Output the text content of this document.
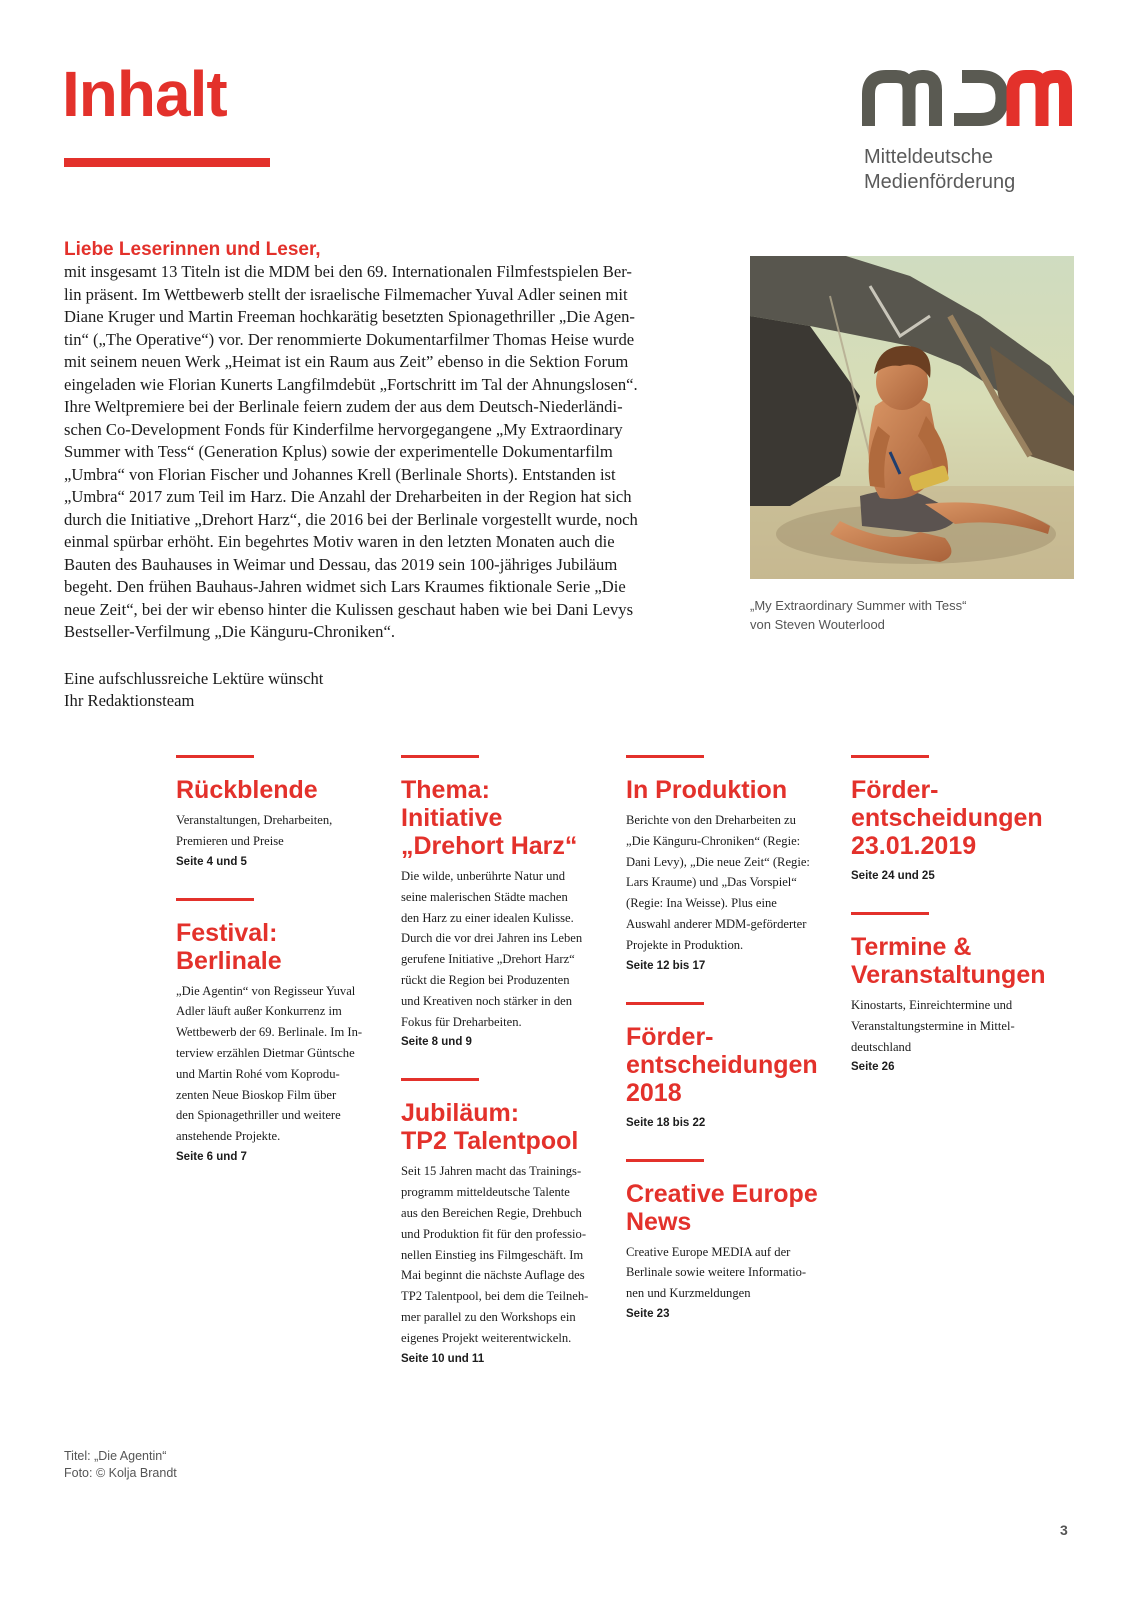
Inhalt
Mitteldeutsche
Medienförderung
Liebe Leserinnen und Leser,
mit insgesamt 13 Titeln ist die MDM bei den 69. Internationalen Filmfestspielen Ber-
lin präsent. Im Wettbewerb stellt der israelische Filmemacher Yuval Adler seinen mit
Diane Kruger und Martin Freeman hochkarätig besetzten Spionagethriller „Die Agen-
tin“ („The Operative“) vor. Der renommierte Dokumentarfilmer Thomas Heise wurde
mit seinem neuen Werk „Heimat ist ein Raum aus Zeit” ebenso in die Sektion Forum
eingeladen wie Florian Kunerts Langfilmdebüt „Fortschritt im Tal der Ahnungslosen“.
Ihre Weltpremiere bei der Berlinale feiern zudem der aus dem Deutsch-Niederländi-
schen Co-Development Fonds für Kinderfilme hervorgegangene „My Extraordinary
Summer with Tess“ (Generation Kplus) sowie der experimentelle Dokumentarfilm
„Umbra“ von Florian Fischer und Johannes Krell (Berlinale Shorts). Entstanden ist
„Umbra“ 2017 zum Teil im Harz. Die Anzahl der Dreharbeiten in der Region hat sich
durch die Initiative „Drehort Harz“, die 2016 bei der Berlinale vorgestellt wurde, noch
einmal spürbar erhöht. Ein begehrtes Motiv waren in den letzten Monaten auch die
Bauten des Bauhauses in Weimar und Dessau, das 2019 sein 100-jähriges Jubiläum
begeht. Den frühen Bauhaus-Jahren widmet sich Lars Kraumes fiktionale Serie „Die
neue Zeit“, bei der wir ebenso hinter die Kulissen geschaut haben wie bei Dani Levys
Bestseller-Verfilmung „Die Känguru-Chroniken“.
Eine aufschlussreiche Lektüre wünscht
Ihr Redaktionsteam
„My Extraordinary Summer with Tess“
von Steven Wouterlood
Rückblende
Veranstaltungen, Dreharbeiten,
Premieren und Preise
Seite 4 und 5
Festival:
Berlinale
„Die Agentin“ von Regisseur Yuval
Adler läuft außer Konkurrenz im
Wettbewerb der 69. Berlinale. Im In-
terview erzählen Dietmar Güntsche
und Martin Rohé vom Koprodu-
zenten Neue Bioskop Film über
den Spionagethriller und weitere
anstehende Projekte.
Seite 6 und 7
Thema:
Initiative
„Drehort Harz“
Die wilde, unberührte Natur und
seine malerischen Städte machen
den Harz zu einer idealen Kulisse.
Durch die vor drei Jahren ins Leben
gerufene Initiative „Drehort Harz“
rückt die Region bei Produzenten
und Kreativen noch stärker in den
Fokus für Dreharbeiten.
Seite 8 und 9
Jubiläum:
TP2 Talentpool
Seit 15 Jahren macht das Trainings-
programm mitteldeutsche Talente
aus den Bereichen Regie, Drehbuch
und Produktion fit für den professio-
nellen Einstieg ins Filmgeschäft. Im
Mai beginnt die nächste Auflage des
TP2 Talentpool, bei dem die Teilneh-
mer parallel zu den Workshops ein
eigenes Projekt weiterentwickeln.
Seite 10 und 11
In Produktion
Berichte von den Dreharbeiten zu
„Die Känguru-Chroniken“ (Regie:
Dani Levy), „Die neue Zeit“ (Regie:
Lars Kraume) und „Das Vorspiel“
(Regie: Ina Weisse). Plus eine
Auswahl anderer MDM-geförderter
Projekte in Produktion.
Seite 12 bis 17
Förder-
entscheidungen
2018
Seite 18 bis 22
Creative Europe
News
Creative Europe MEDIA auf der
Berlinale sowie weitere Informatio-
nen und Kurzmeldungen
Seite 23
Förder-
entscheidungen
23.01.2019
Seite 24 und 25
Termine &
Veranstaltungen
Kinostarts, Einreichtermine und
Veranstaltungstermine in Mittel-
deutschland
Seite 26
Titel: „Die Agentin“
Foto: © Kolja Brandt
3
